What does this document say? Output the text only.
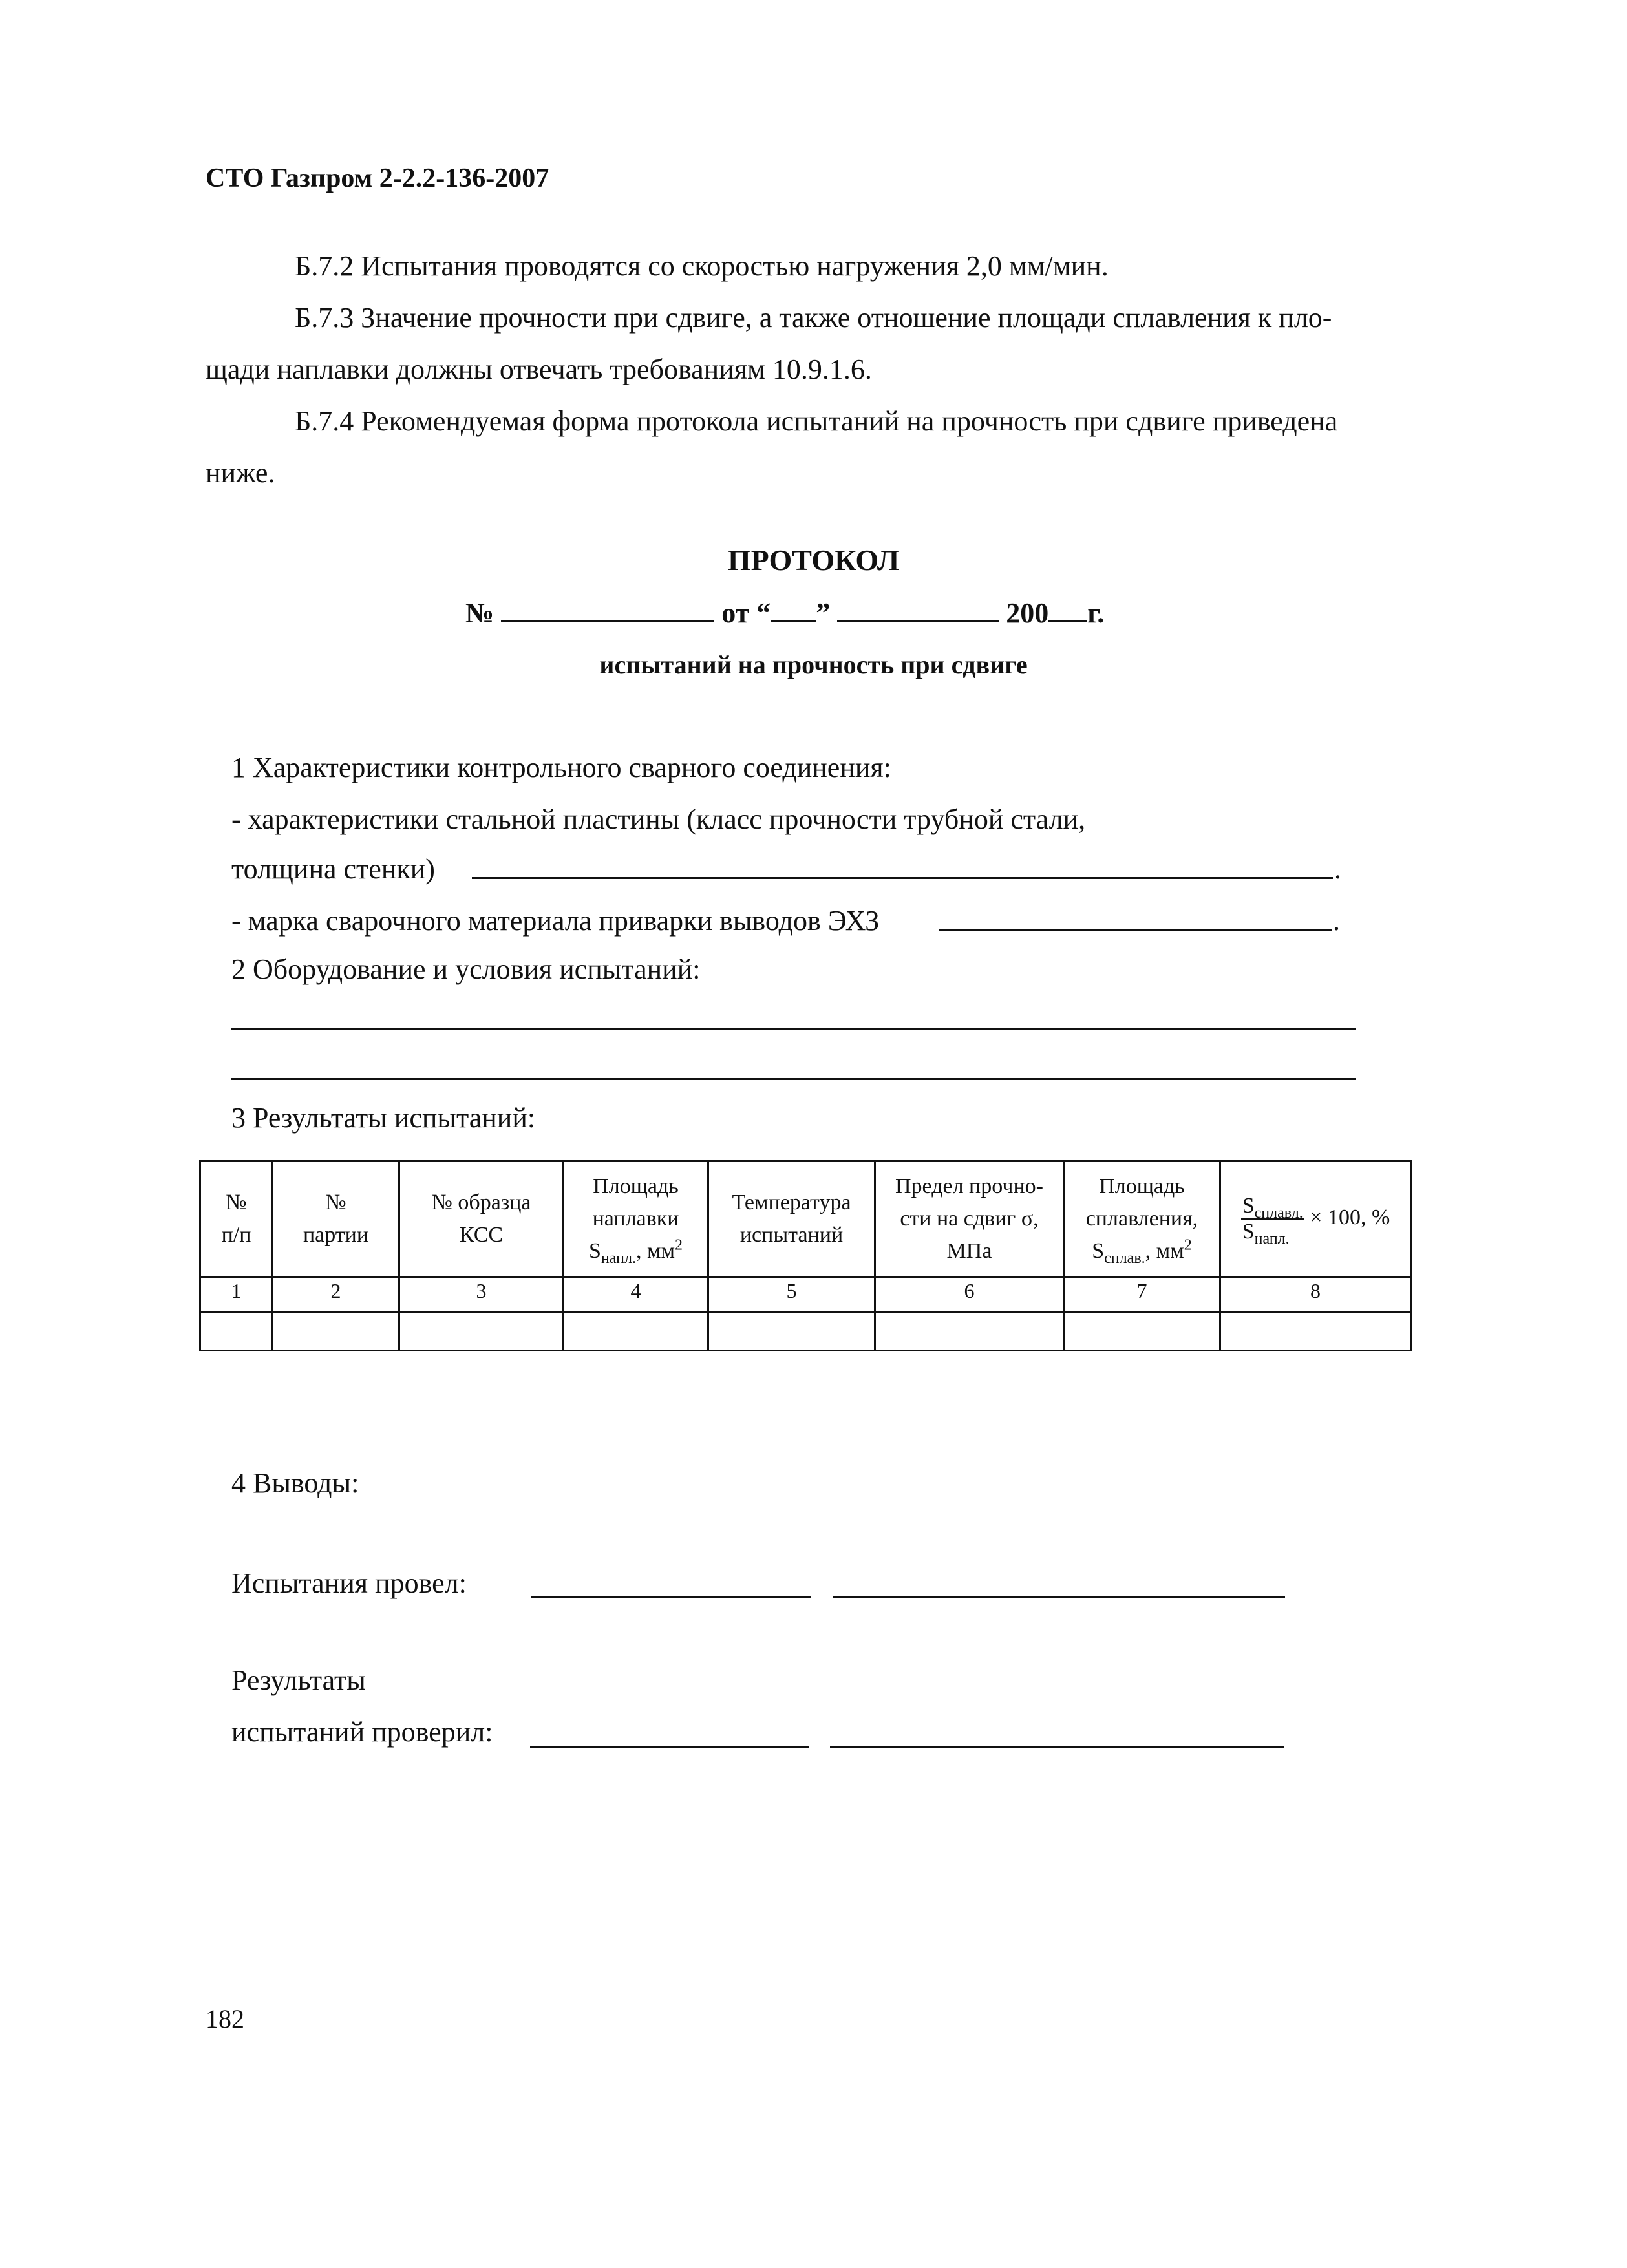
СТО Газпром 2-2.2-136-2007
Б.7.2 Испытания проводятся со скоростью нагружения 2,0 мм/мин.
Б.7.3 Значение прочности при сдвиге, а также отношение площади сплавления к пло-
щади наплавки должны отвечать требованиям 10.9.1.6.
Б.7.4 Рекомендуемая форма протокола испытаний на прочность при сдвиге приведена
ниже.
ПРОТОКОЛ
№	от “ ”	200 г.
испытаний на прочность при сдвиге
1 Характеристики контрольного сварного соединения:
- характеристики стальной пластины (класс прочности трубной стали,
толщина стенки)	.
- марка сварочного материала приварки выводов ЭХЗ	.
2 Оборудование и условия испытаний:
3 Результаты испытаний:
№
п/п	№
партии	№ образца
КСС	Площадь
наплавки
$S_{напл.}$, $мм^2$	Температура
испытаний	Предел прочно-
сти на сдвиг σ,
МПа	Площадь
сплавления,
$S_{сплав.}$, $мм^2$	$\frac{S_{сплавл.}}{S_{напл.}} \times 100$, %
1	2	3	4	5	6	7	8

4 Выводы:
Испытания провел:
Результаты
испытаний проверил:
182
